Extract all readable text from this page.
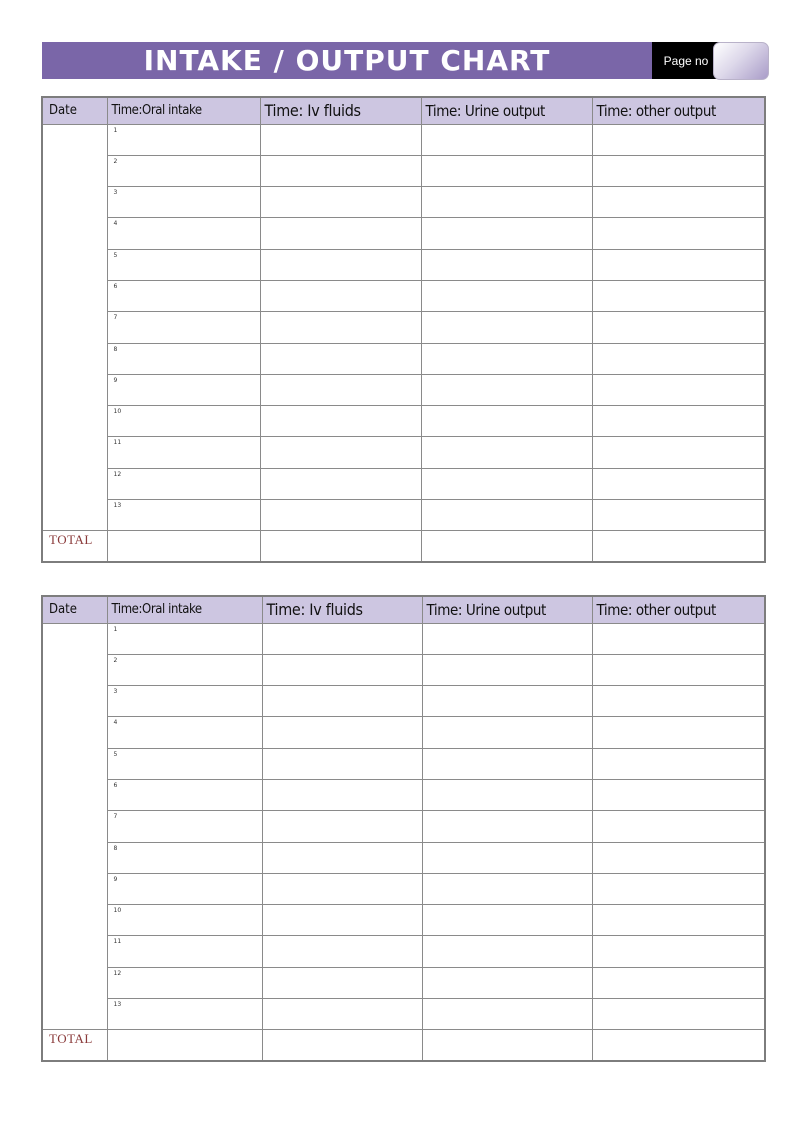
INTAKE / OUTPUT CHART	Page no
Date	Time:Oral intake	Time: Iv fluids	Time: Urine output	Time: other output

	1			

	2			

	3			

	4			

	5			

	6			

	7			

	8			

	9			

	10			

	11			

	12			

	13			

TOTAL				
Date	Time:Oral intake	Time: Iv fluids	Time: Urine output	Time: other output

	1			

	2			

	3			

	4			

	5			

	6			

	7			

	8			

	9			

	10			

	11			

	12			

	13			

TOTAL				
